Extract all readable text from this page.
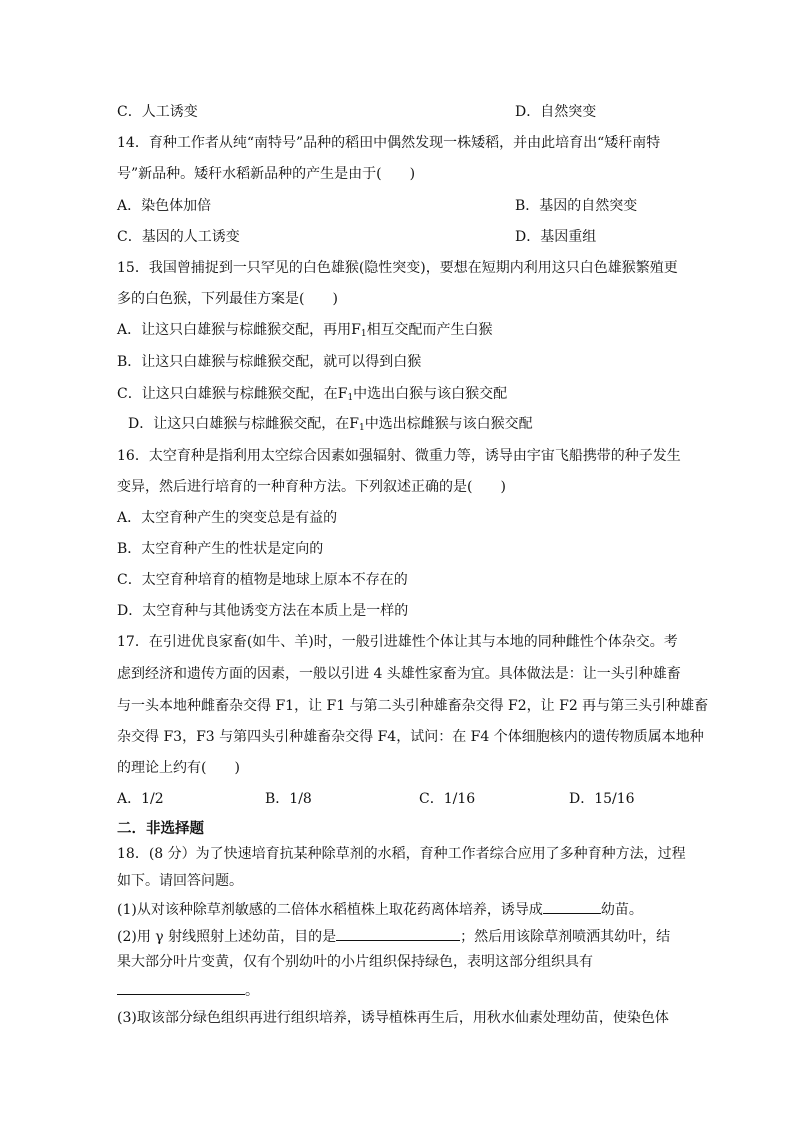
C．人工诱变	D．自然突变
14．育种工作者从纯“南特号”品种的稻田中偶然发现一株矮稻，并由此培育出“矮秆南特
号”新品种。矮秆水稻新品种的产生是由于(　　)
A．染色体加倍	B．基因的自然突变
C．基因的人工诱变	D．基因重组
15．我国曾捕捉到一只罕见的白色雄猴(隐性突变)，要想在短期内利用这只白色雄猴繁殖更
多的白色猴，下列最佳方案是(　　)
A．让这只白雄猴与棕雌猴交配，再用$F_1$相互交配而产生白猴
B．让这只白雄猴与棕雌猴交配，就可以得到白猴
C．让这只白雄猴与棕雌猴交配，在$F_1$中选出白猴与该白猴交配
D．让这只白雄猴与棕雌猴交配，在$F_1$中选出棕雌猴与该白猴交配
16．太空育种是指利用太空综合因素如强辐射、微重力等，诱导由宇宙飞船携带的种子发生
变异，然后进行培育的一种育种方法。下列叙述正确的是(　　)
A．太空育种产生的突变总是有益的
B．太空育种产生的性状是定向的
C．太空育种培育的植物是地球上原本不存在的
D．太空育种与其他诱变方法在本质上是一样的
17．在引进优良家畜(如牛、羊)时，一般引进雄性个体让其与本地的同种雌性个体杂交。考
虑到经济和遗传方面的因素，一般以引进 4 头雄性家畜为宜。具体做法是：让一头引种雄畜
与一头本地种雌畜杂交得 F1，让 F1 与第二头引种雄畜杂交得 F2，让 F2 再与第三头引种雄畜
杂交得 F3，F3 与第四头引种雄畜杂交得 F4，试问：在 F4 个体细胞核内的遗传物质属本地种
的理论上约有(　　)
A．1/2	B．1/8	C．1/16	D．15/16
二．非选择题
18．(8 分）为了快速培育抗某种除草剂的水稻，育种工作者综合应用了多种育种方法，过程
如下。请回答问题。
(1)从对该种除草剂敏感的二倍体水稻植株上取花药离体培养，诱导成	幼苗。
(2)用 γ 射线照射上述幼苗，目的是	；然后用该除草剂喷洒其幼叶，结
果大部分叶片变黄，仅有个别幼叶的小片组织保持绿色，表明这部分组织具有
。
(3)取该部分绿色组织再进行组织培养，诱导植株再生后，用秋水仙素处理幼苗，使染色体
